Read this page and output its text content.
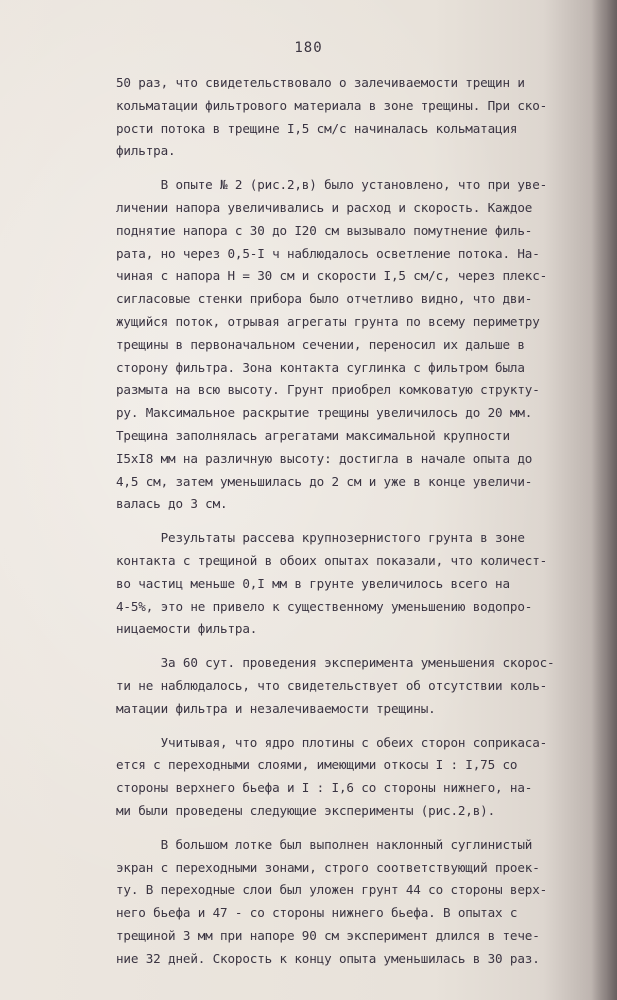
180
50 раз, что свидетельствовало о залечиваемости трещин и
кольматации фильтрового материала в зоне трещины. При ско-
рости потока в трещине I,5 см/с начиналась кольматация
фильтра.
В опыте № 2 (рис.2,в) было установлено, что при уве-
личении напора увеличивались и расход и скорость. Каждое
поднятие напора с 30 до I20 см вызывало помутнение филь-
рата, но через 0,5-I ч наблюдалось осветление потока. На-
чиная с напора Н = 30 см и скорости I,5 см/с, через плекс-
сигласовые стенки прибора было отчетливо видно, что дви-
жущийся поток, отрывая агрегаты грунта по всему периметру
трещины в первоначальном сечении, переносил их дальше в
сторону фильтра. Зона контакта суглинка с фильтром была
размыта на всю высоту. Грунт приобрел комковатую структу-
ру. Максимальное раскрытие трещины увеличилось до 20 мм.
Трещина заполнялась агрегатами максимальной крупности
I5хI8 мм на различную высоту: достигла в начале опыта до
4,5 см, затем уменьшилась до 2 см и уже в конце увеличи-
валась до 3 см.
Результаты рассева крупнозернистого грунта в зоне
контакта с трещиной в обоих опытах показали, что количест-
во частиц меньше 0,I мм в грунте увеличилось всего на
4-5%, это не привело к существенному уменьшению водопро-
ницаемости фильтра.
За 60 сут. проведения эксперимента уменьшения скорос-
ти не наблюдалось, что свидетельствует об отсутствии коль-
матации фильтра и незалечиваемости трещины.
Учитывая, что ядро плотины с обеих сторон соприкаса-
ется с переходными слоями, имеющими откосы I : I,75 со
стороны верхнего бьефа и I : I,6 со стороны нижнего, на-
ми были проведены следующие эксперименты (рис.2,в).
В большом лотке был выполнен наклонный суглинистый
экран с переходными зонами, строго соответствующий проек-
ту. В переходные слои был уложен грунт 44 со стороны верх-
него бьефа и 47 - со стороны нижнего бьефа. В опытах с
трещиной 3 мм при напоре 90 см эксперимент длился в тече-
ние 32 дней. Скорость к концу опыта уменьшилась в 30 раз.
